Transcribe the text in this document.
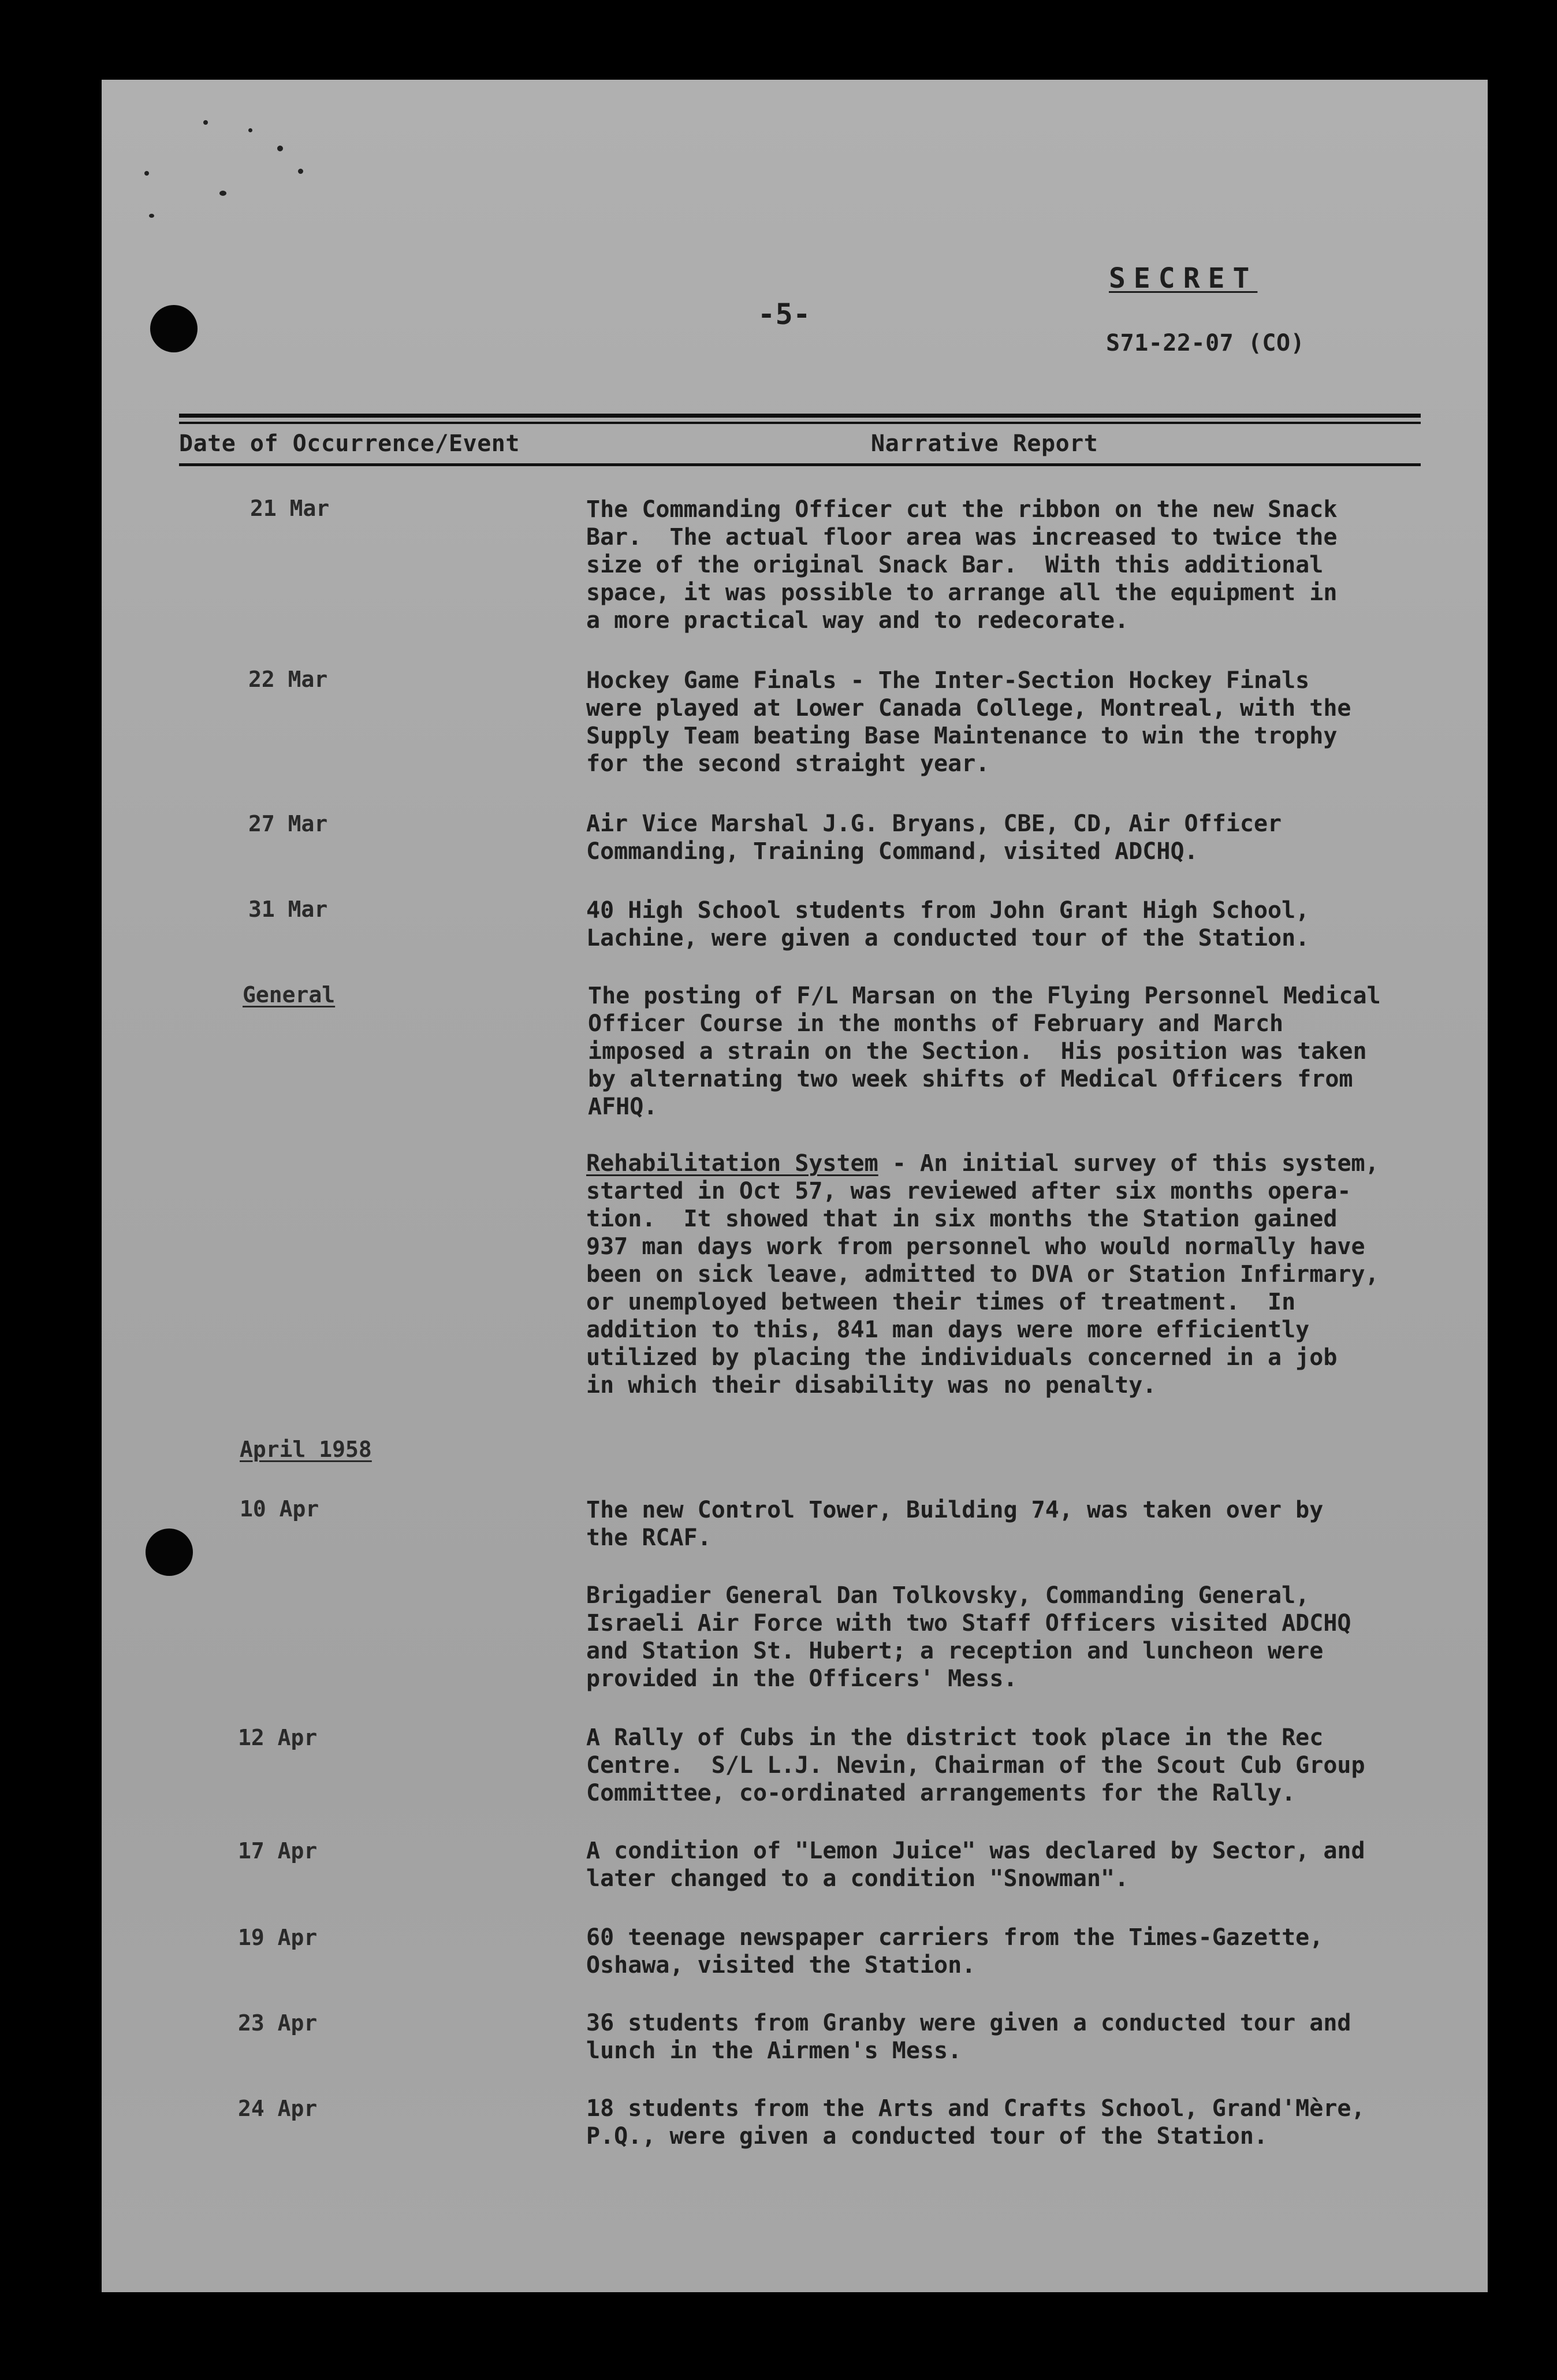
-5-
SECRET
S71-22-07 (CO)
Date of Occurrence/Event	Narrative Report
21 Mar	The Commanding Officer cut the ribbon on the new Snack
Bar.  The actual floor area was increased to twice the
size of the original Snack Bar.  With this additional
space, it was possible to arrange all the equipment in
a more practical way and to redecorate.
22 Mar	Hockey Game Finals - The Inter-Section Hockey Finals
were played at Lower Canada College, Montreal, with the
Supply Team beating Base Maintenance to win the trophy
for the second straight year.
27 Mar	Air Vice Marshal J.G. Bryans, CBE, CD, Air Officer
Commanding, Training Command, visited ADCHQ.
31 Mar	40 High School students from John Grant High School,
Lachine, were given a conducted tour of the Station.
General	The posting of F/L Marsan on the Flying Personnel Medical
Officer Course in the months of February and March
imposed a strain on the Section.  His position was taken
by alternating two week shifts of Medical Officers from
AFHQ.
Rehabilitation System - An initial survey of this system,
started in Oct 57, was reviewed after six months opera-
tion.  It showed that in six months the Station gained
937 man days work from personnel who would normally have
been on sick leave, admitted to DVA or Station Infirmary,
or unemployed between their times of treatment.  In
addition to this, 841 man days were more efficiently
utilized by placing the individuals concerned in a job
in which their disability was no penalty.
April 1958
10 Apr	The new Control Tower, Building 74, was taken over by
the RCAF.
Brigadier General Dan Tolkovsky, Commanding General,
Israeli Air Force with two Staff Officers visited ADCHQ
and Station St. Hubert; a reception and luncheon were
provided in the Officers' Mess.
12 Apr	A Rally of Cubs in the district took place in the Rec
Centre.  S/L L.J. Nevin, Chairman of the Scout Cub Group
Committee, co-ordinated arrangements for the Rally.
17 Apr	A condition of "Lemon Juice" was declared by Sector, and
later changed to a condition "Snowman".
19 Apr	60 teenage newspaper carriers from the Times-Gazette,
Oshawa, visited the Station.
23 Apr	36 students from Granby were given a conducted tour and
lunch in the Airmen's Mess.
24 Apr	18 students from the Arts and Crafts School, Grand'Mère,
P.Q., were given a conducted tour of the Station.
